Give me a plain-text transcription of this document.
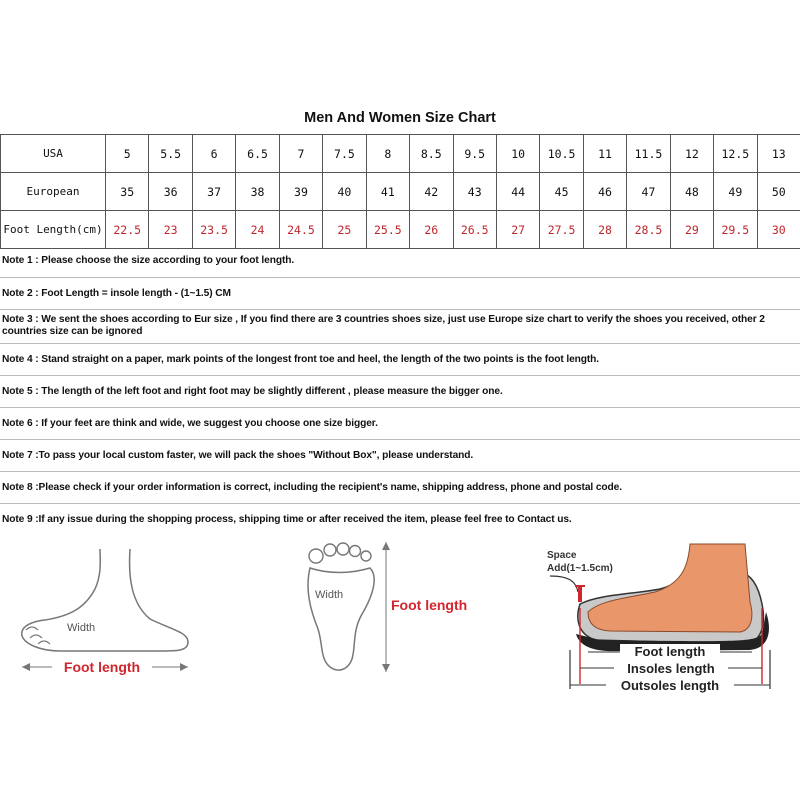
Men And Women Size Chart
USA	5	5.5	6	6.5	7	7.5	8	8.5	9.5	10	10.5	11	11.5	12	12.5	13
European	35	36	37	38	39	40	41	42	43	44	45	46	47	48	49	50
Foot Length(cm)	22.5	23	23.5	24	24.5	25	25.5	26	26.5	27	27.5	28	28.5	29	29.5	30
Note 1 : Please choose the size according to your foot length.
Note 2 : Foot Length = insole length - (1~1.5) CM
Note 3 : We sent the shoes according to Eur size , If you find there are 3 countries shoes size, just use Europe size chart to verify the shoes you received, other 2 countries size can be ignored
Note 4 : Stand straight on a paper, mark points of the longest front toe and heel, the length of the two points is the foot length.
Note 5 : The length of the left foot and right foot may be slightly different , please measure the bigger one.
Note 6 : If your feet are think and wide, we suggest you choose one size bigger.
Note 7 :To pass your local custom faster, we will pack the shoes "Without Box", please understand.
Note 8 :Please check if your order information is correct, including the recipient's name, shipping address, phone and postal code.
Note 9 :If any issue during the shopping process, shipping time or after received the item, please feel free to Contact us.
Width
Foot length
Width
Foot length
Space
Add(1~1.5cm)
Foot length
Insoles length
Outsoles length
